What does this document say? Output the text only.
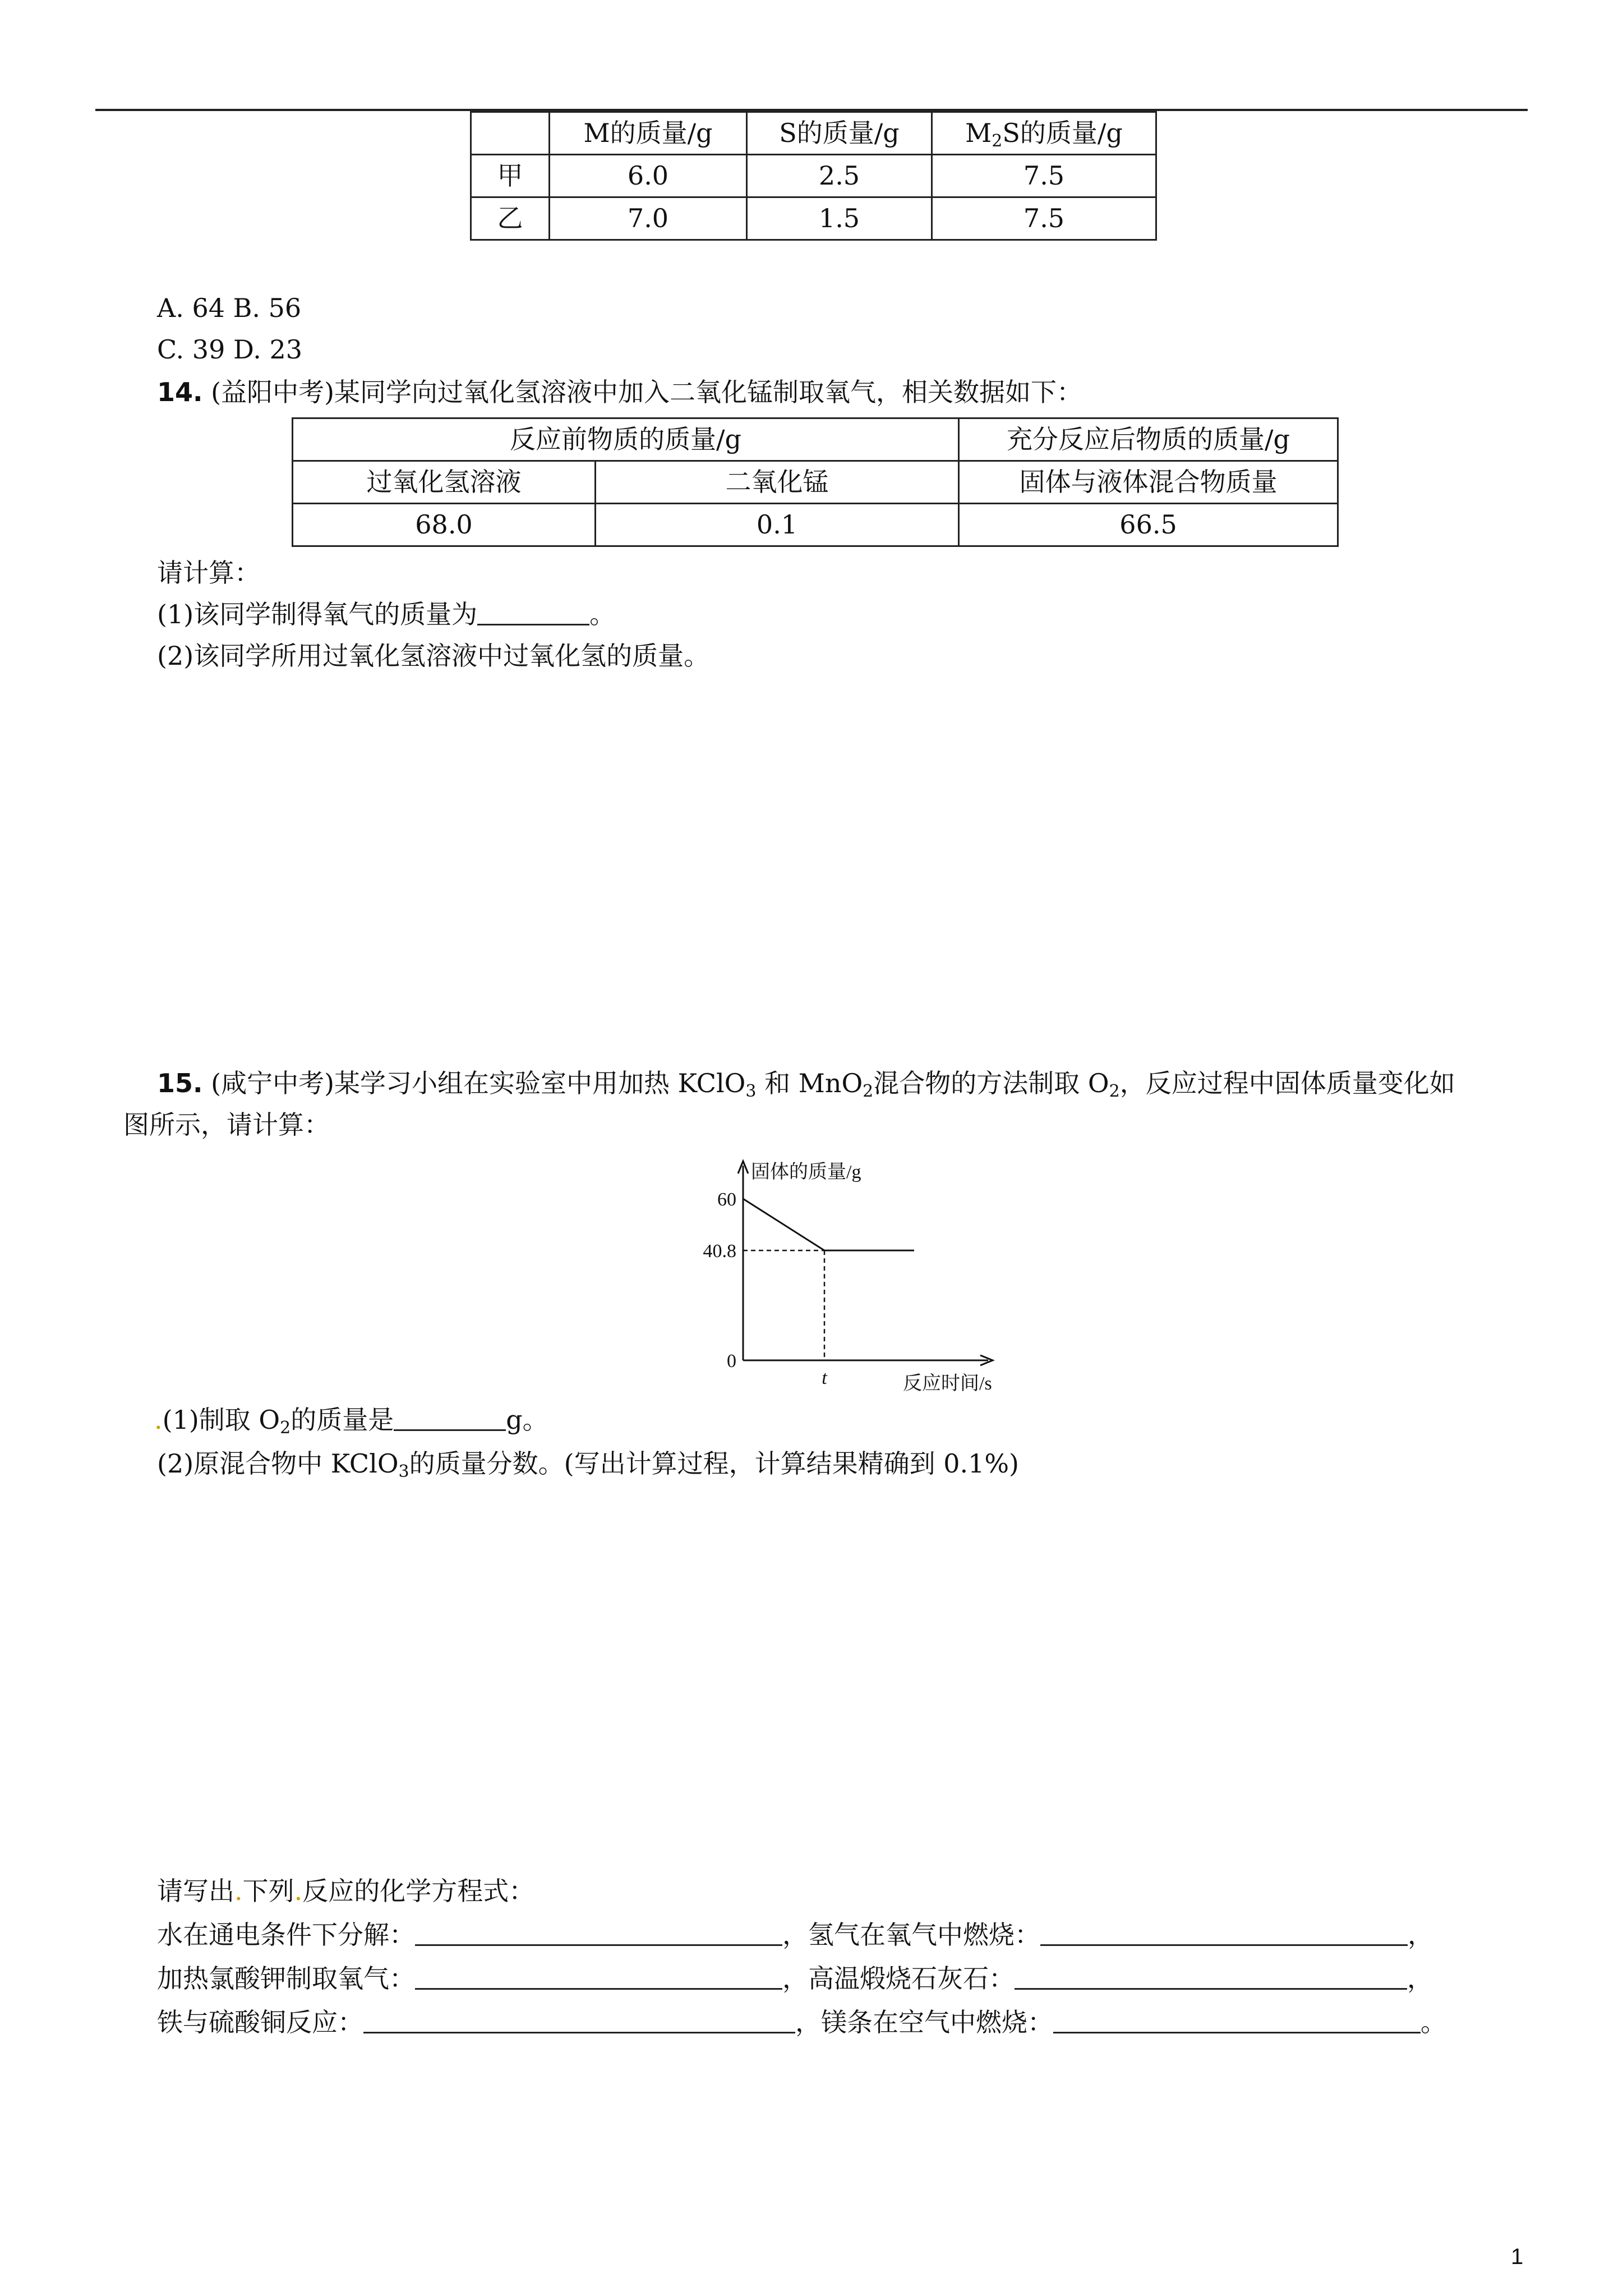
	M的质量/g	S的质量/g	$M_2S$的质量/g
甲	6.0	2.5	7.5
乙	7.0	1.5	7.5
A. 64 B. 56
C. 39 D. 23
14. (益阳中考)某同学向过氧化氢溶液中加入二氧化锰制取氧气，相关数据如下：
反应前物质的质量/g		充分反应后物质的质量/g
过氧化氢溶液	二氧化锰	固体与液体混合物质量
68.0	0.1	66.5
请计算：
(1)该同学制得氧气的质量为	。
(2)该同学所用过氧化氢溶液中过氧化氢的质量。
15. (咸宁中考)某学习小组在实验室中用加热 KClO$_3$ 和 MnO$_2$混合物的方法制取 $O_2$，反应过程中固体质量变化如
图所示，请计算：
固体的质量/g
反应时间/s
60
40.8
0
t
.(1)制取 $O_2$的质量是	g。
(2)原混合物中 KClO$_3$的质量分数。(写出计算过程，计算结果精确到 0.1%)
请写出.下列.反应的化学方程式：
水在通电条件下分解：	，氢气在氧气中燃烧：	，
加热氯酸钾制取氧气：	，高温煅烧石灰石：	，
铁与硫酸铜反应：	，镁条在空气中燃烧：	。
1
